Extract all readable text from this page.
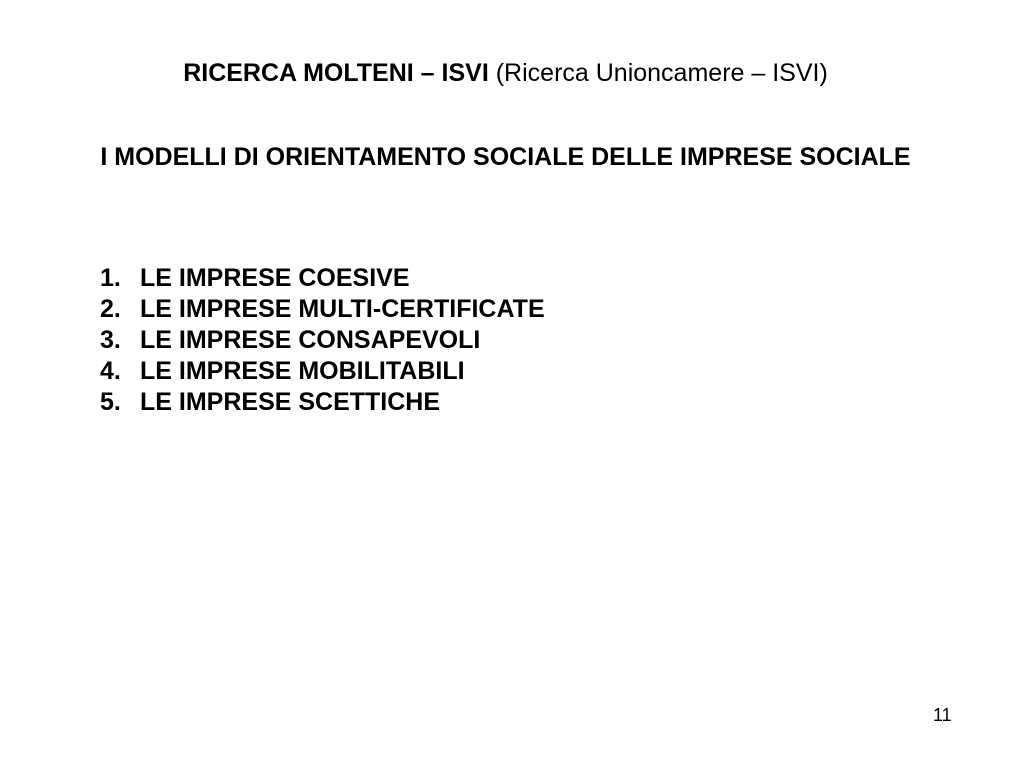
RICERCA MOLTENI – ISVI (Ricerca Unioncamere – ISVI)
I MODELLI DI ORIENTAMENTO SOCIALE DELLE IMPRESE SOCIALE
1. LE IMPRESE COESIVE
2. LE IMPRESE MULTI-CERTIFICATE
3. LE IMPRESE CONSAPEVOLI
4. LE IMPRESE MOBILITABILI
5. LE IMPRESE SCETTICHE
11
